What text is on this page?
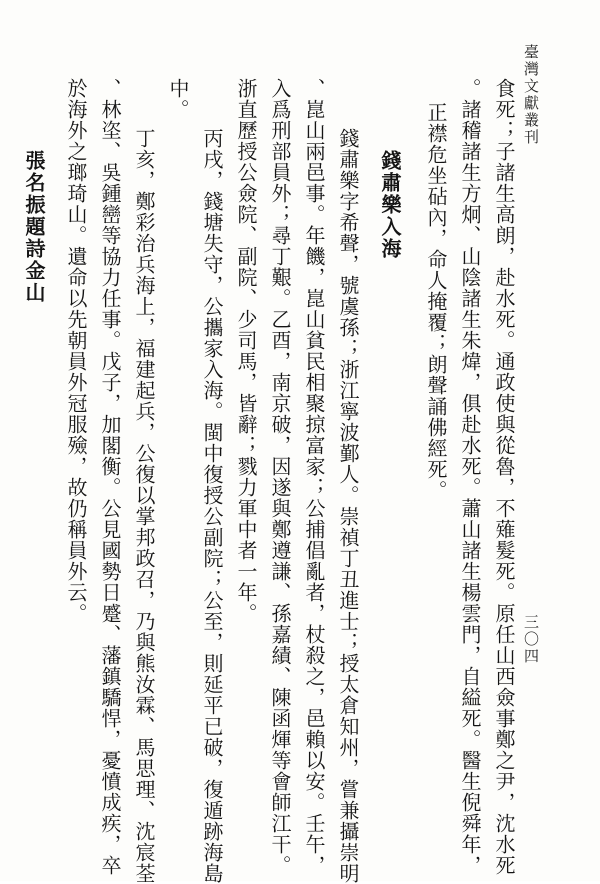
臺灣文獻叢刊
三〇四
食死；子諸生高朗，赴水死。通政使與從魯，不薙髮死。原任山西僉事鄭之尹，沈水死
。諸稽諸生方炯、山陰諸生朱煒，俱赴水死。蕭山諸生楊雲門，自縊死。醫生倪舜年，
正襟危坐砧內，命人掩覆；朗聲誦佛經死。
錢肅樂入海
錢肅樂字希聲，號虞孫；浙江寧波鄞人。崇禎丁丑進士；授太倉知州，嘗兼攝崇明
、崑山兩邑事。年饑，崑山貧民相聚掠富家；公捕倡亂者，杖殺之，邑賴以安。壬午，
入爲刑部員外；尋丁艱。乙酉，南京破，因遂與鄭遵謙、孫嘉績、陳函煇等會師江干。
浙直歷授公僉院、副院、少司馬，皆辭；戮力軍中者一年。
丙戌，錢塘失守，公攜家入海。閩中復授公副院；公至，則延平已破，復遁跡海島
中。
丁亥，鄭彩治兵海上，福建起兵，公復以掌邦政召，乃與熊汝霖、馬思理、沈宸荃
、林垐、吳鍾巒等協力任事。戊子，加閣衡。公見國勢日蹙、藩鎮驕悍，憂憤成疾，卒
於海外之瑯琦山。遺命以先朝員外冠服殮，故仍稱員外云。
張名振題詩金山
